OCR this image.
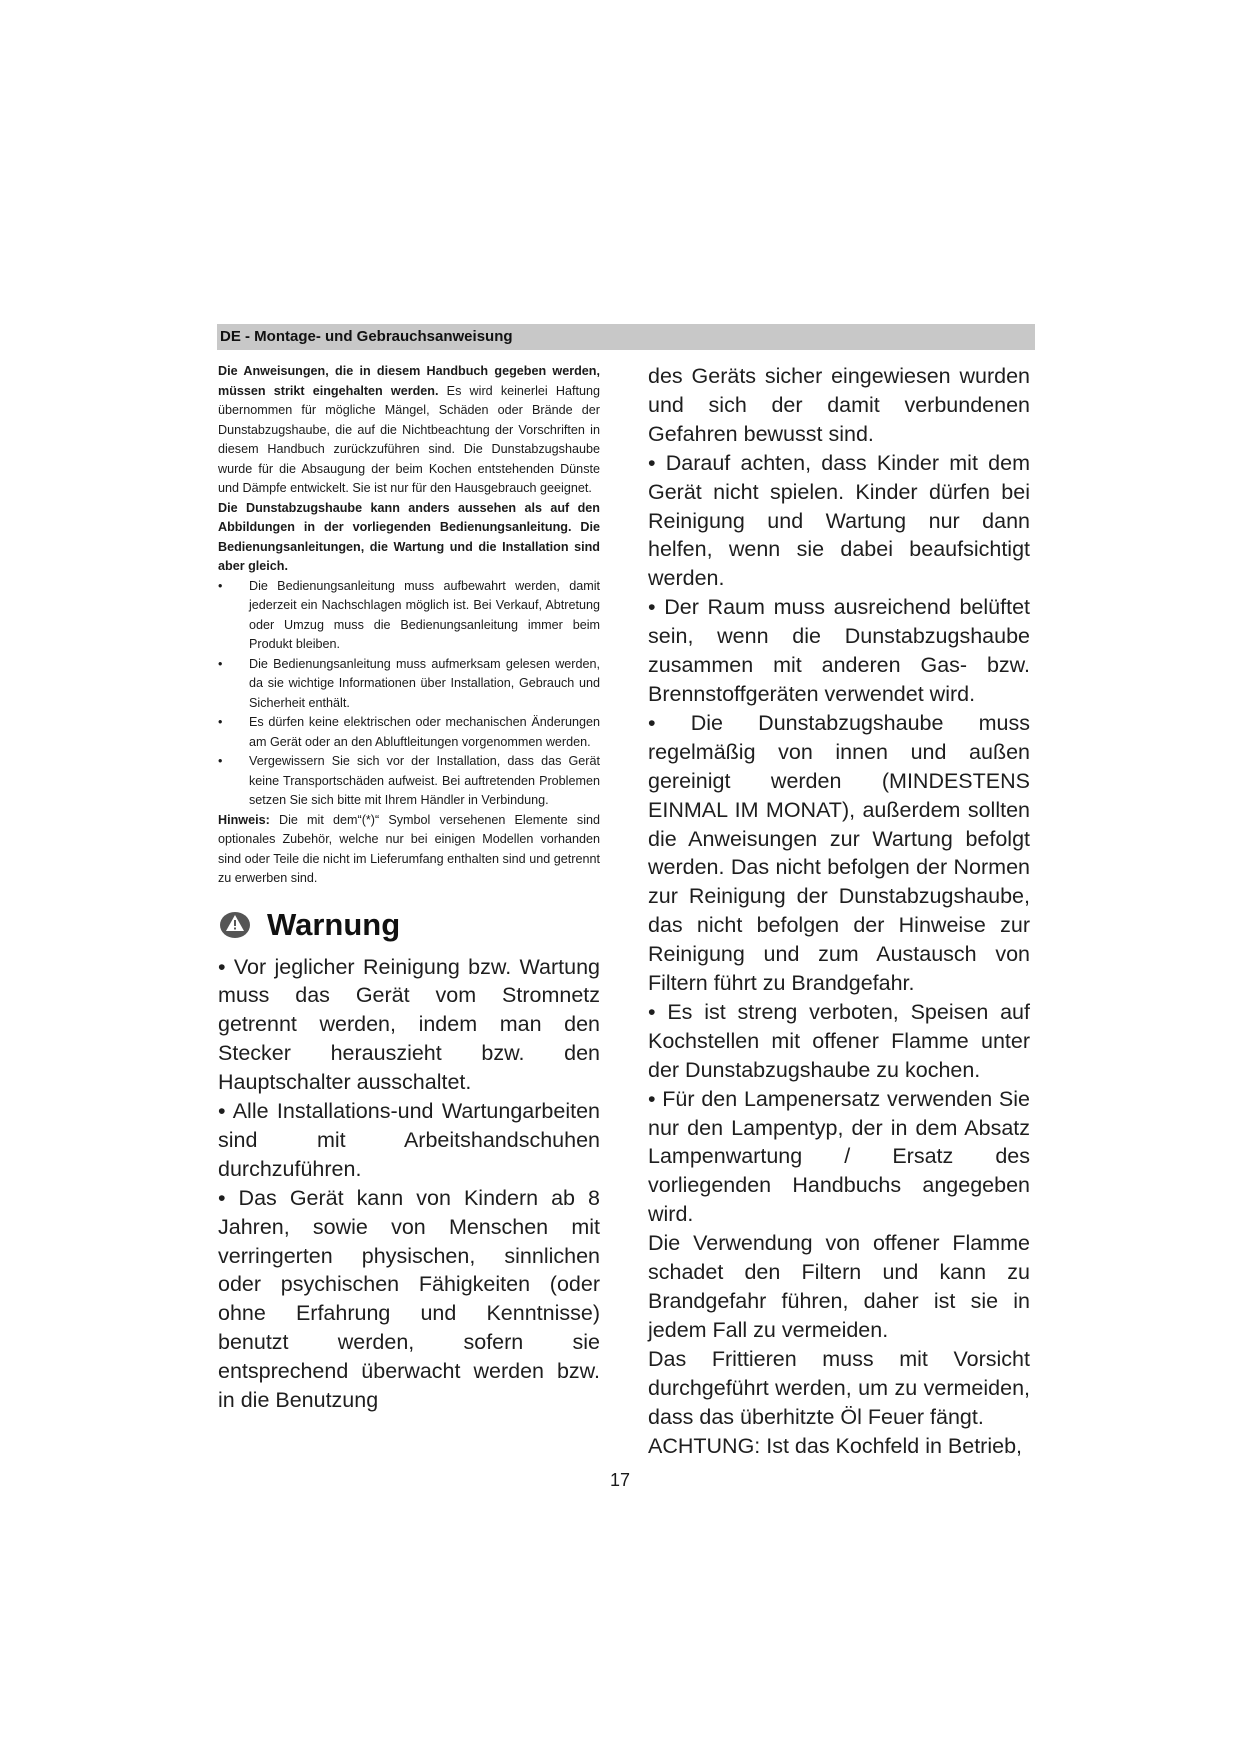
DE - Montage- und Gebrauchsanweisung

Die Anweisungen, die in diesem Handbuch gegeben werden, müssen strikt eingehalten werden. Es wird keinerlei Haftung übernommen für mögliche Mängel, Schäden oder Brände der Dunstabzugshaube, die auf die Nichtbeachtung der Vorschriften in diesem Handbuch zurückzuführen sind. Die Dunstabzugshaube wurde für die Absaugung der beim Kochen entstehenden Dünste und Dämpfe entwickelt. Sie ist nur für den Hausgebrauch geeignet.

Die Dunstabzugshaube kann anders aussehen als auf den Abbildungen in der vorliegenden Bedienungsanleitung. Die Bedienungsanleitungen, die Wartung und die Installation sind aber gleich.

• Die Bedienungsanleitung muss aufbewahrt werden, damit jederzeit ein Nachschlagen möglich ist. Bei Verkauf, Abtretung oder Umzug muss die Bedienungsanleitung immer beim Produkt bleiben.
• Die Bedienungsanleitung muss aufmerksam gelesen werden, da sie wichtige Informationen über Installation, Gebrauch und Sicherheit enthält.
• Es dürfen keine elektrischen oder mechanischen Änderungen am Gerät oder an den Abluftleitungen vorgenommen werden.
• Vergewissern Sie sich vor der Installation, dass das Gerät keine Transportschäden aufweist. Bei auftretenden Problemen setzen Sie sich bitte mit Ihrem Händler in Verbindung.

Hinweis: Die mit dem“(*)“ Symbol versehenen Elemente sind optionales Zubehör, welche nur bei einigen Modellen vorhanden sind oder Teile die nicht im Lieferumfang enthalten sind und getrennt zu erwerben sind.

Warnung

• Vor jeglicher Reinigung bzw. Wartung muss das Gerät vom Stromnetz getrennt werden, indem man den Stecker herauszieht bzw. den Hauptschalter ausschaltet.

• Alle Installations-und Wartungarbeiten sind mit Arbeitshandschuhen durchzuführen.

• Das Gerät kann von Kindern ab 8 Jahren, sowie von Menschen mit verringerten physischen, sinnlichen oder psychischen Fähigkeiten (oder ohne Erfahrung und Kenntnisse) benutzt werden, sofern sie entsprechend überwacht werden bzw. in die Benutzung

des Geräts sicher eingewiesen wurden und sich der damit verbundenen Gefahren bewusst sind.

• Darauf achten, dass Kinder mit dem Gerät nicht spielen. Kinder dürfen bei Reinigung und Wartung nur dann helfen, wenn sie dabei beaufsichtigt werden.

• Der Raum muss ausreichend belüftet sein, wenn die Dunstabzugshaube zusammen mit anderen Gas- bzw. Brennstoffgeräten verwendet wird.

• Die Dunstabzugshaube muss regelmäßig von innen und außen gereinigt werden (MINDESTENS EINMAL IM MONAT), außerdem sollten die Anweisungen zur Wartung befolgt werden. Das nicht befolgen der Normen zur Reinigung der Dunstabzugshaube, das nicht befolgen der Hinweise zur Reinigung und zum Austausch von Filtern führt zu Brandgefahr.

• Es ist streng verboten, Speisen auf Kochstellen mit offener Flamme unter der Dunstabzugshaube zu kochen.

• Für den Lampenersatz verwenden Sie nur den Lampentyp, der in dem Absatz Lampenwartung / Ersatz des vorliegenden Handbuchs angegeben wird.

Die Verwendung von offener Flamme schadet den Filtern und kann zu Brandgefahr führen, daher ist sie in jedem Fall zu vermeiden.

Das Frittieren muss mit Vorsicht durchgeführt werden, um zu vermeiden, dass das überhitzte Öl Feuer fängt.

ACHTUNG: Ist das Kochfeld in Betrieb,

17
